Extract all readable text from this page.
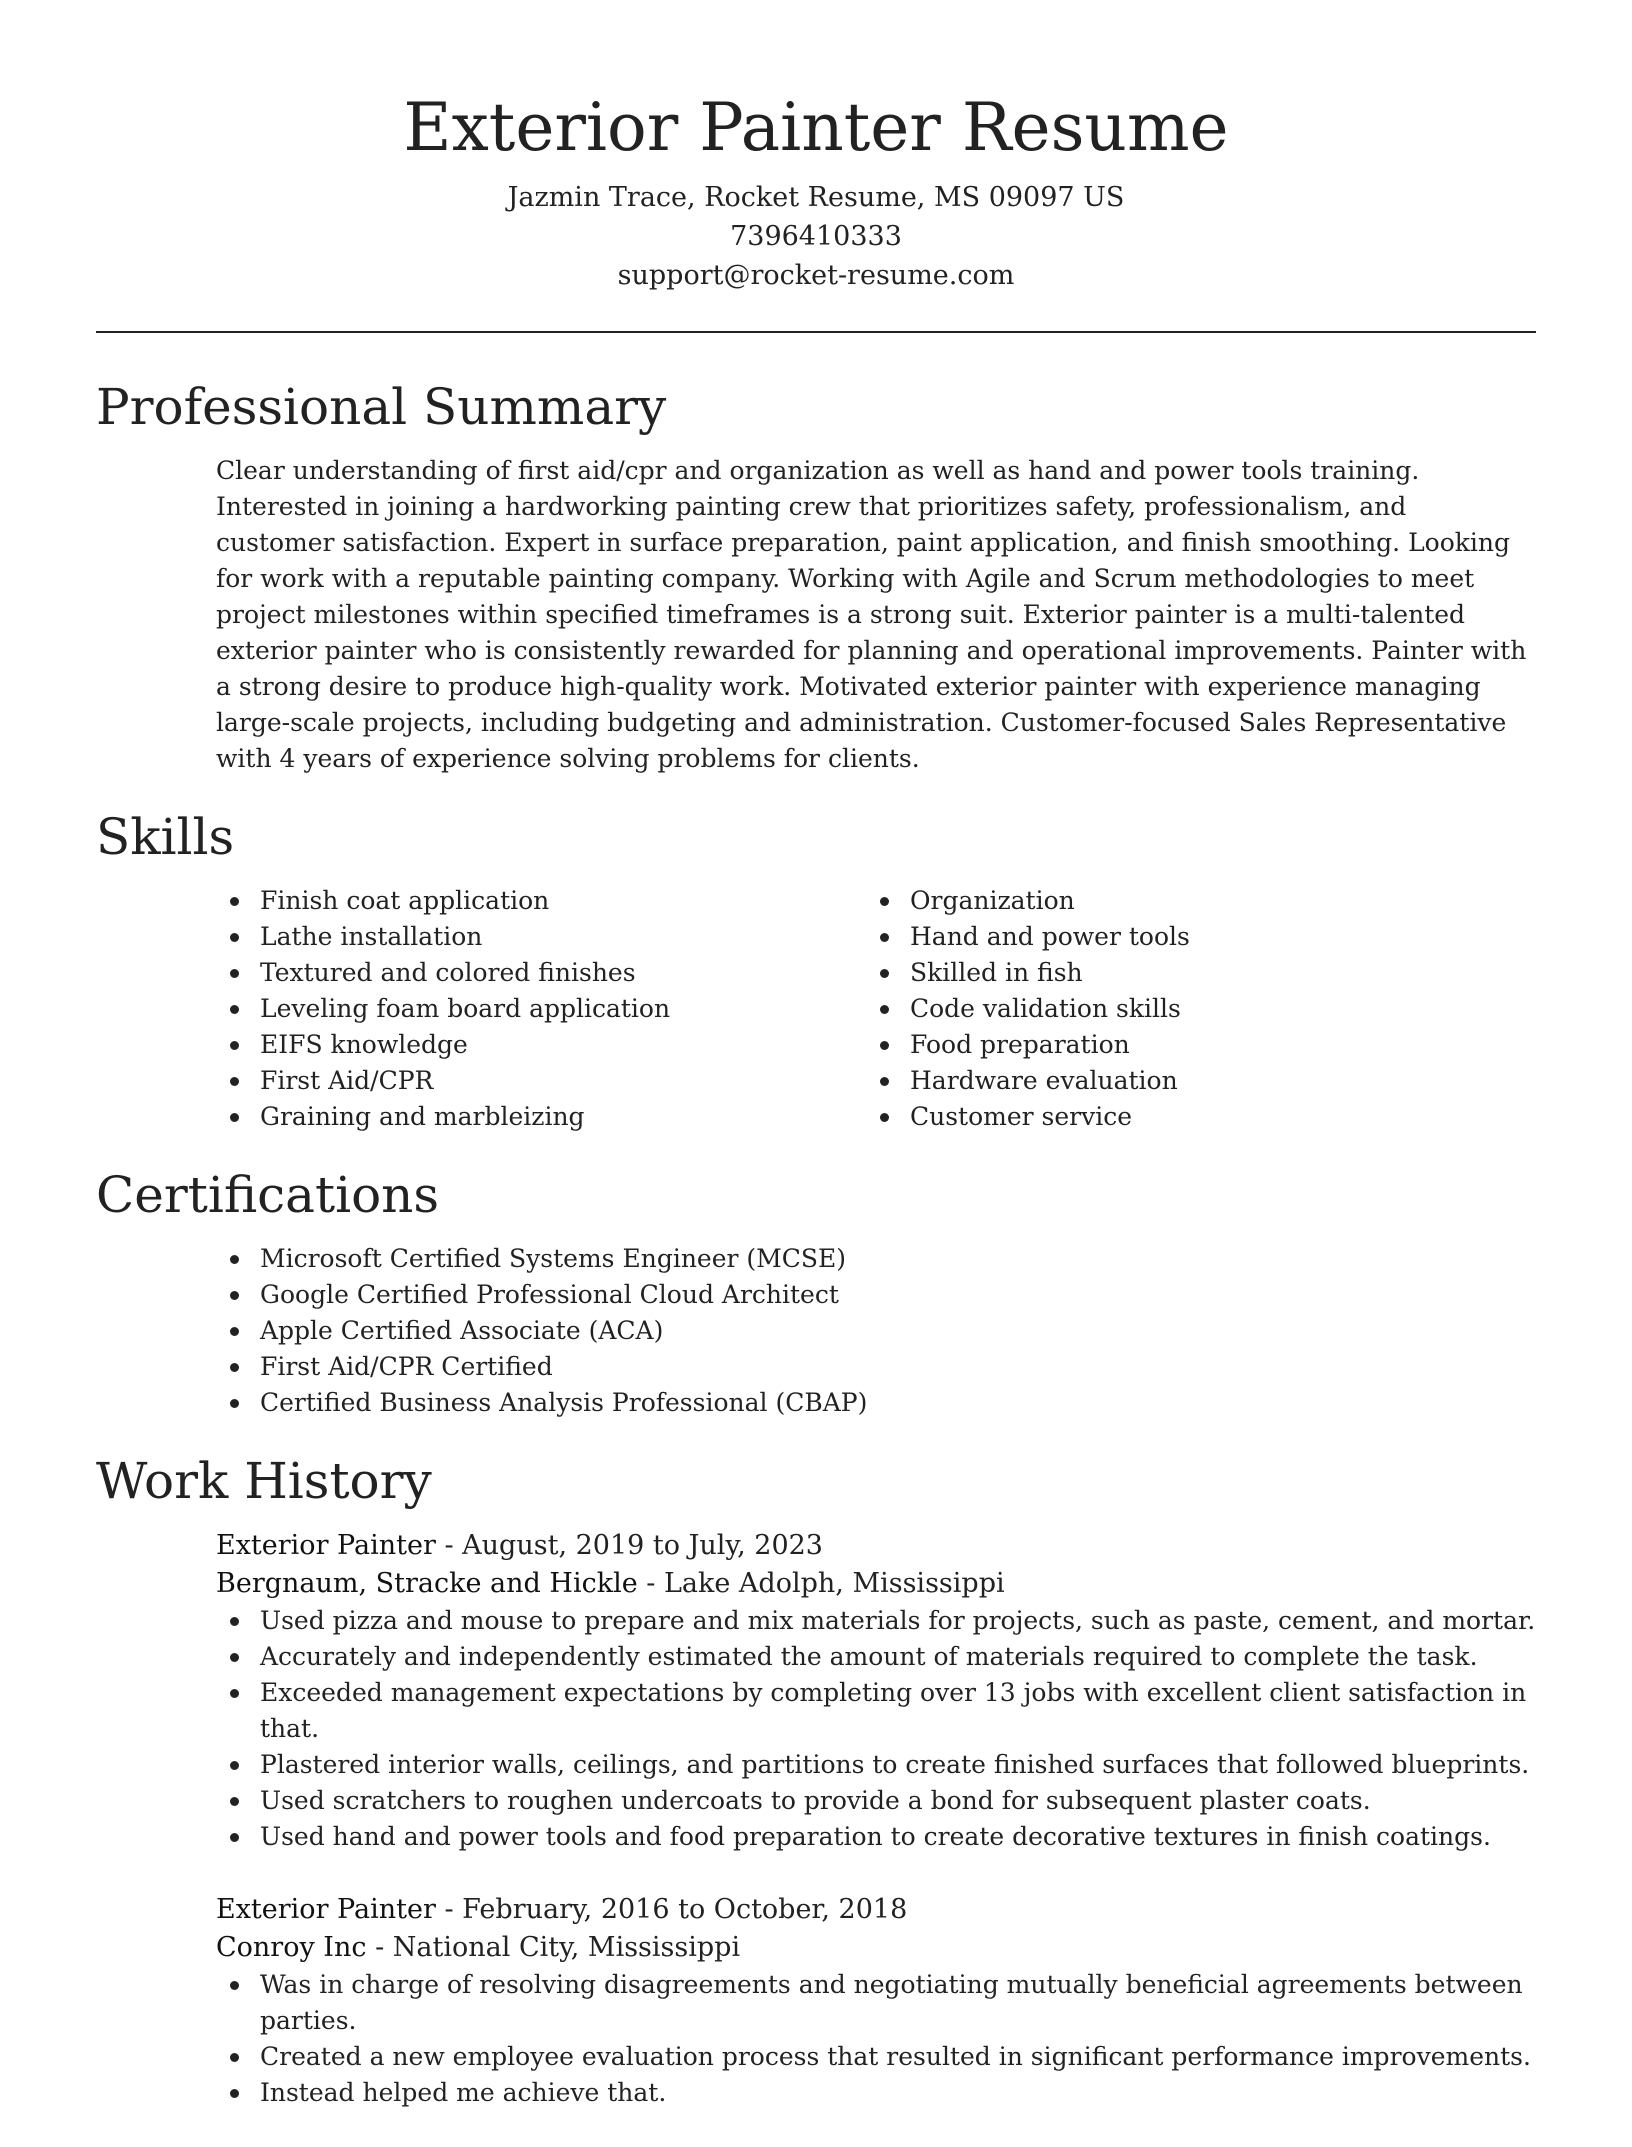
Exterior Painter Resume

Jazmin Trace, Rocket Resume, MS 09097 US

7396410333

support@rocket-resume.com

Professional Summary

Clear understanding of first aid/cpr and organization as well as hand and power tools training. Interested in joining a hardworking painting crew that prioritizes safety, professionalism, and customer satisfaction. Expert in surface preparation, paint application, and finish smoothing. Looking for work with a reputable painting company. Working with Agile and Scrum methodologies to meet project milestones within specified timeframes is a strong suit. Exterior painter is a multi-talented exterior painter who is consistently rewarded for planning and operational improvements. Painter with a strong desire to produce high-quality work. Motivated exterior painter with experience managing large-scale projects, including budgeting and administration. Customer-focused Sales Representative with 4 years of experience solving problems for clients.

Skills
Finish coat application
Lathe installation
Textured and colored finishes
Leveling foam board application
EIFS knowledge
First Aid/CPR
Graining and marbleizing
Organization
Hand and power tools
Skilled in fish
Code validation skills
Food preparation
Hardware evaluation
Customer service
Certifications
Microsoft Certified Systems Engineer (MCSE)
Google Certified Professional Cloud Architect
Apple Certified Associate (ACA)
First Aid/CPR Certified
Certified Business Analysis Professional (CBAP)
Work History

Exterior Painter - August, 2019 to July, 2023

Bergnaum, Stracke and Hickle - Lake Adolph, Mississippi

Used pizza and mouse to prepare and mix materials for projects, such as paste, cement, and mortar.
Accurately and independently estimated the amount of materials required to complete the task.
Exceeded management expectations by completing over 13 jobs with excellent client satisfaction in that.
Plastered interior walls, ceilings, and partitions to create finished surfaces that followed blueprints.
Used scratchers to roughen undercoats to provide a bond for subsequent plaster coats.
Used hand and power tools and food preparation to create decorative textures in finish coatings.

Exterior Painter - February, 2016 to October, 2018

Conroy Inc - National City, Mississippi

Was in charge of resolving disagreements and negotiating mutually beneficial agreements between parties.
Created a new employee evaluation process that resulted in significant performance improvements.
Instead helped me achieve that.
